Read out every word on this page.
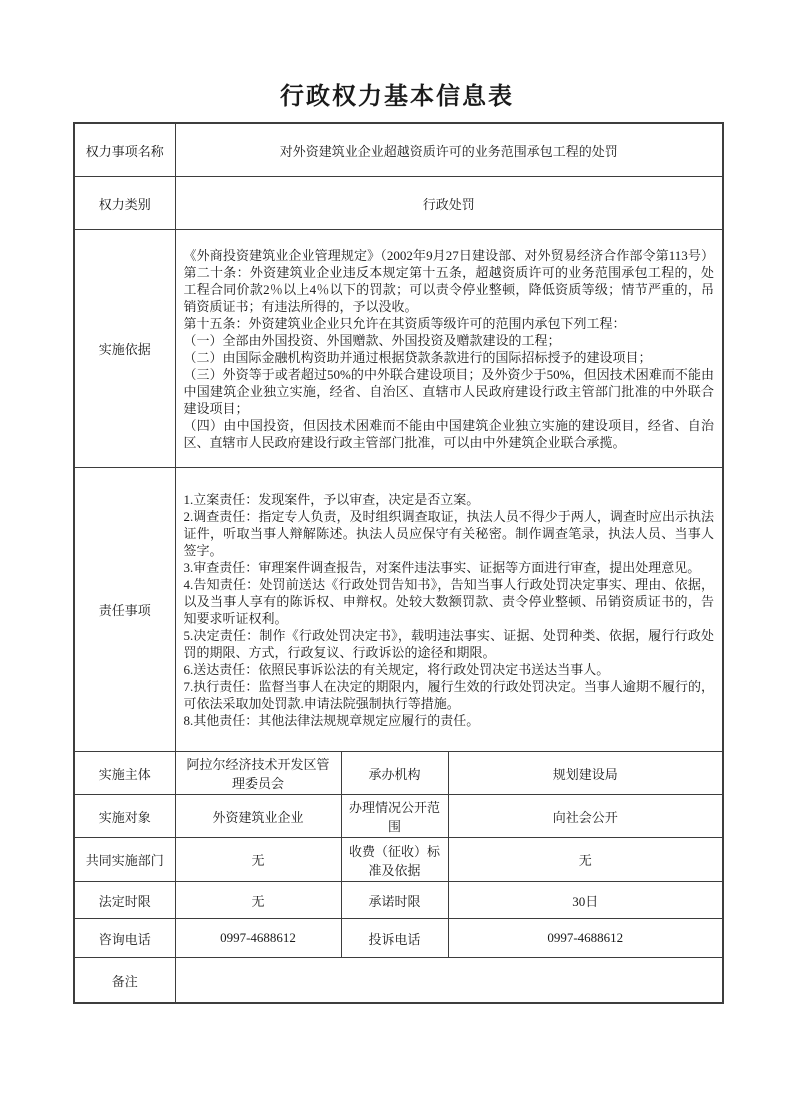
行政权力基本信息表
权力事项名称	对外资建筑业企业超越资质许可的业务范围承包工程的处罚		
权力类别	行政处罚		
实施依据	
《外商投资建筑业企业管理规定》（2002年9月27日建设部、对外贸易经济合作部令第113号）第二十条：外资建筑业企业违反本规定第十五条，超越资质许可的业务范围承包工程的，处工程合同价款2％以上4％以下的罚款；可以责令停业整顿，降低资质等级；情节严重的，吊销资质证书；有违法所得的，予以没收。
第十五条：外资建筑业企业只允许在其资质等级许可的范围内承包下列工程：
（一）全部由外国投资、外国赠款、外国投资及赠款建设的工程；
（二）由国际金融机构资助并通过根据贷款条款进行的国际招标授予的建设项目；
（三）外资等于或者超过50%的中外联合建设项目；及外资少于50%，但因技术困难而不能由中国建筑企业独立实施，经省、自治区、直辖市人民政府建设行政主管部门批准的中外联合建设项目；
（四）由中国投资，但因技术困难而不能由中国建筑企业独立实施的建设项目，经省、自治区、直辖市人民政府建设行政主管部门批准，可以由中外建筑企业联合承揽。

责任事项	
1.立案责任：发现案件，予以审查，决定是否立案。
2.调查责任：指定专人负责，及时组织调查取证，执法人员不得少于两人，调查时应出示执法证件，听取当事人辩解陈述。执法人员应保守有关秘密。制作调查笔录，执法人员、当事人签字。
3.审查责任：审理案件调查报告，对案件违法事实、证据等方面进行审查，提出处理意见。
4.告知责任：处罚前送达《行政处罚告知书》，告知当事人行政处罚决定事实、理由、依据，以及当事人享有的陈诉权、申辩权。处较大数额罚款、责令停业整顿、吊销资质证书的，告知要求听证权利。
5.决定责任：制作《行政处罚决定书》，载明违法事实、证据、处罚种类、依据，履行行政处罚的期限、方式，行政复议、行政诉讼的途径和期限。
6.送达责任：依照民事诉讼法的有关规定，将行政处罚决定书送达当事人。
7.执行责任：监督当事人在决定的期限内，履行生效的行政处罚决定。当事人逾期不履行的，可依法采取加处罚款.申请法院强制执行等措施。
8.其他责任：其他法律法规规章规定应履行的责任。

实施主体	阿拉尔经济技术开发区管理委员会	承办机构	规划建设局
实施对象	外资建筑业企业	办理情况公开范围	向社会公开
共同实施部门	无	收费（征收）标准及依据	无
法定时限	无	承诺时限	30日
咨询电话	0997-4688612	投诉电话	0997-4688612
备注			
